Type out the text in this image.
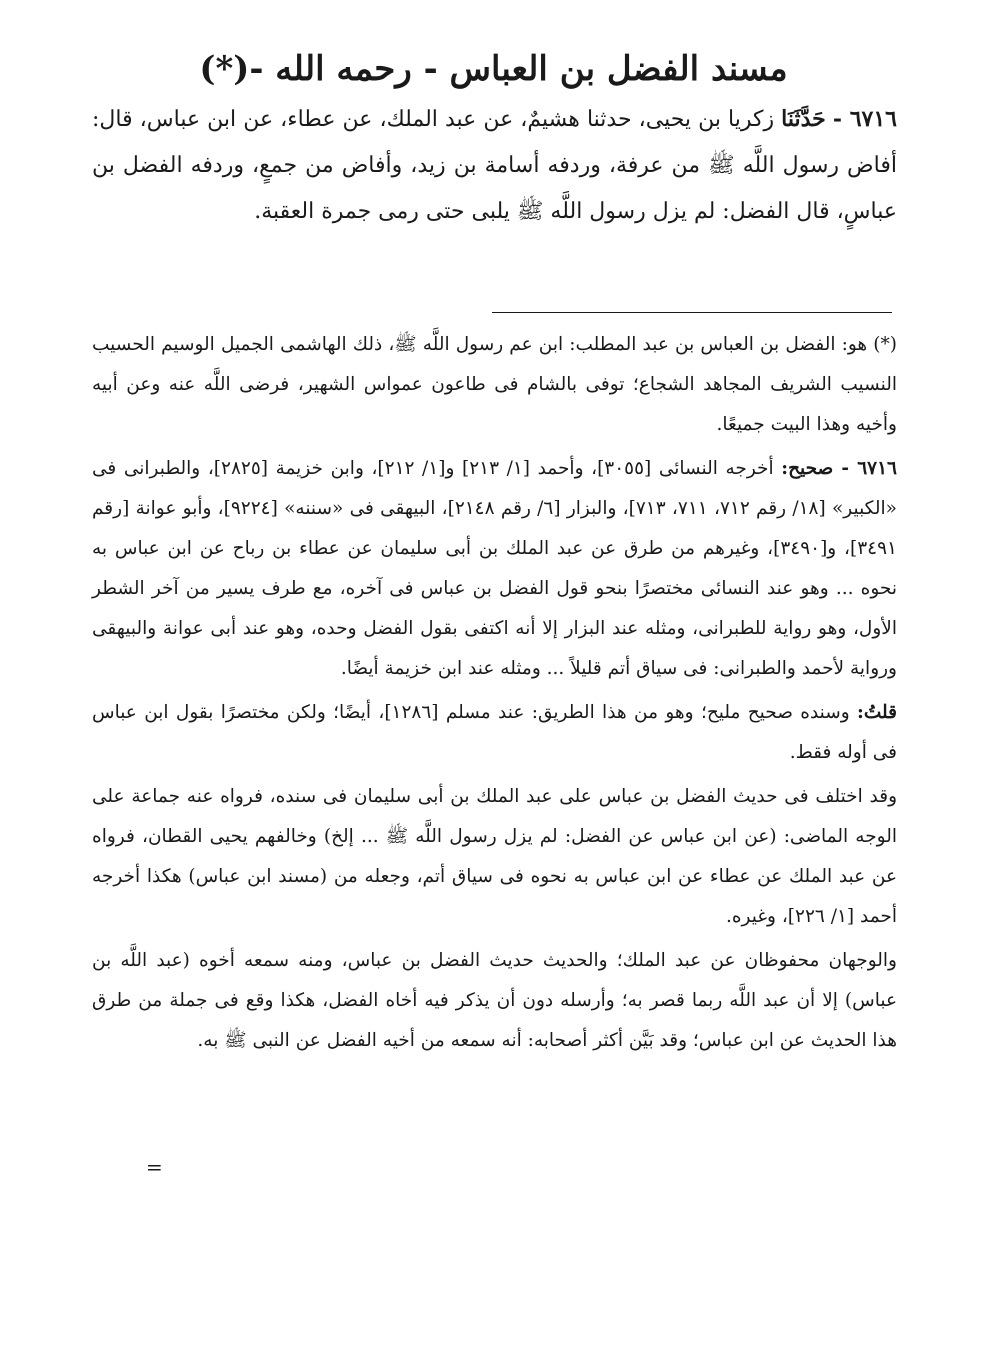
مسند الفضل بن العباس - رحمه الله -(*)
٦٧١٦ - حَدَّثَنَا زكريا بن يحيى، حدثنا هشيمٌ، عن عبد الملك، عن عطاء، عن ابن عباس، قال: أفاض رسول اللَّه ﷺ من عرفة، وردفه أسامة بن زيد، وأفاض من جمعٍ، وردفه الفضل بن عباسٍ، قال الفضل: لم يزل رسول اللَّه ﷺ يلبى حتى رمى جمرة العقبة.

(*) هو: الفضل بن العباس بن عبد المطلب: ابن عم رسول اللَّه ﷺ، ذلك الهاشمى الجميل الوسيم الحسيب النسيب الشريف المجاهد الشجاع؛ توفى بالشام فى طاعون عمواس الشهير، فرضى اللَّه عنه وعن أبيه وأخيه وهذا البيت جميعًا.

٦٧١٦ - صحيح: أخرجه النسائى [٣٠٥٥]، وأحمد [١/ ٢١٣] و[١/ ٢١٢]، وابن خزيمة [٢٨٢٥]، والطبرانى فى «الكبير» [١٨/ رقم ٧١٢، ٧١١، ٧١٣]، والبزار [٦/ رقم ٢١٤٨]، البيهقى فى «سننه» [٩٢٢٤]، وأبو عوانة [رقم ٣٤٩١]، و[٣٤٩٠]، وغيرهم من طرق عن عبد الملك بن أبى سليمان عن عطاء بن رباح عن ابن عباس به نحوه ... وهو عند النسائى مختصرًا بنحو قول الفضل بن عباس فى آخره، مع طرف يسير من آخر الشطر الأول، وهو رواية للطبرانى، ومثله عند البزار إلا أنه اكتفى بقول الفضل وحده، وهو عند أبى عوانة والبيهقى ورواية لأحمد والطبرانى: فى سياق أتم قليلاً ... ومثله عند ابن خزيمة أيضًا.

قلتُ: وسنده صحيح مليح؛ وهو من هذا الطريق: عند مسلم [١٢٨٦]، أيضًا؛ ولكن مختصرًا بقول ابن عباس فى أوله فقط.

وقد اختلف فى حديث الفضل بن عباس على عبد الملك بن أبى سليمان فى سنده، فرواه عنه جماعة على الوجه الماضى: (عن ابن عباس عن الفضل: لم يزل رسول اللَّه ﷺ ... إلخ) وخالفهم يحيى القطان، فرواه عن عبد الملك عن عطاء عن ابن عباس به نحوه فى سياق أتم، وجعله من (مسند ابن عباس) هكذا أخرجه أحمد [١/ ٢٢٦]، وغيره.

والوجهان محفوظان عن عبد الملك؛ والحديث حديث الفضل بن عباس، ومنه سمعه أخوه (عبد اللَّه بن عباس) إلا أن عبد اللَّه ربما قصر به؛ وأرسله دون أن يذكر فيه أخاه الفضل، هكذا وقع فى جملة من طرق هذا الحديث عن ابن عباس؛ وقد بَيَّن أكثر أصحابه: أنه سمعه من أخيه الفضل عن النبى ﷺ به.

=
